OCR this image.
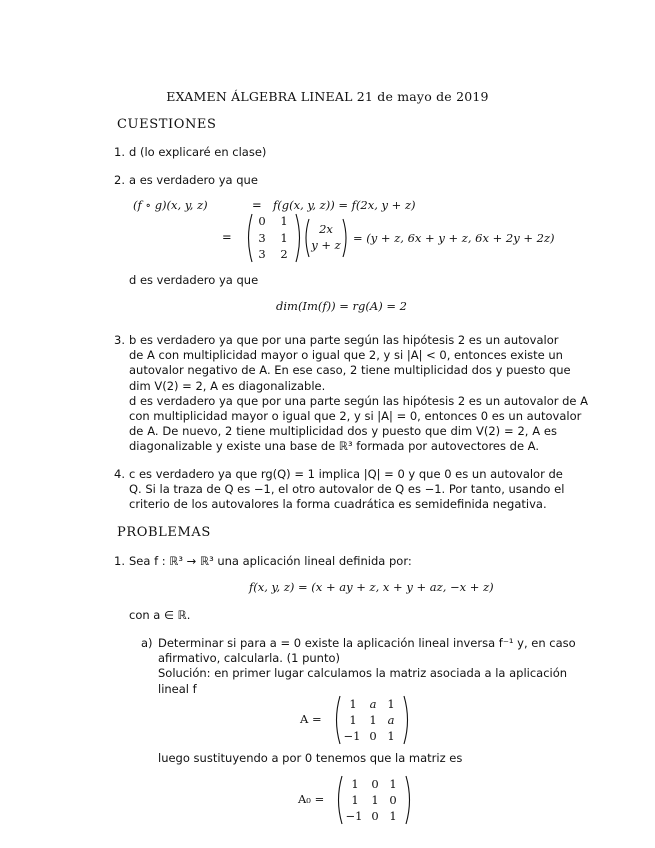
EXAMEN ÁLGEBRA LINEAL 21 de mayo de 2019
CUESTIONES
1. d (lo explicaré en clase)
2. a es verdadero ya que
(f ∘ g)(x, y, z)	= f(g(x, y, z)) = f(2x, y + z)
=
0 1
3 1
3 2
2x
y + z = (y + z, 6x + y + z, 6x + 2y + 2z)
d es verdadero ya que
dim(Im(f)) = rg(A) = 2
3. b es verdadero ya que por una parte según las hipótesis 2 es un autovalor
de A con multiplicidad mayor o igual que 2, y si |A| < 0, entonces existe un
autovalor negativo de A. En ese caso, 2 tiene multiplicidad dos y puesto que
dim V(2) = 2, A es diagonalizable.
d es verdadero ya que por una parte según las hipótesis 2 es un autovalor de A
con multiplicidad mayor o igual que 2, y si |A| = 0, entonces 0 es un autovalor
de A. De nuevo, 2 tiene multiplicidad dos y puesto que dim V(2) = 2, A es
diagonalizable y existe una base de ℝ³ formada por autovectores de A.
4. c es verdadero ya que rg(Q) = 1 implica |Q| = 0 y que 0 es un autovalor de
Q. Si la traza de Q es −1, el otro autovalor de Q es −1. Por tanto, usando el
criterio de los autovalores la forma cuadrática es semidefinida negativa.
PROBLEMAS
1. Sea f : ℝ³ → ℝ³ una aplicación lineal definida por:
f(x, y, z) = (x + ay + z, x + y + az, −x + z)
con a ∈ ℝ.
a) Determinar si para a = 0 existe la aplicación lineal inversa f⁻¹ y, en caso
afirmativo, calcularla. (1 punto)
Solución: en primer lugar calculamos la matriz asociada a la aplicación
lineal f
A =
1	a 1
1	1 a
−1 0 1
luego sustituyendo a por 0 tenemos que la matriz es
A₀ =
1	0 1
1	1 0
−1 0 1
